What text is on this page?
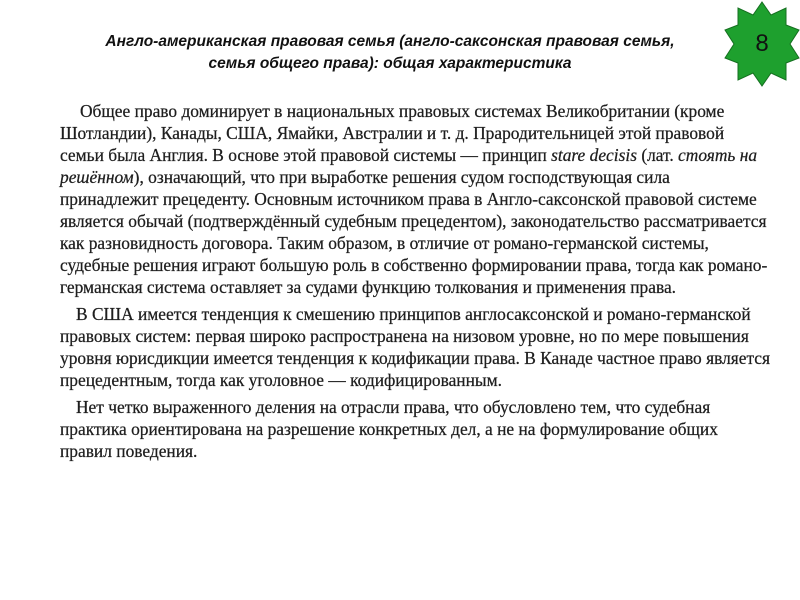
Англо-американская правовая семья (англо-саксонская правовая семья,
семья общего права): общая характеристика
8

Общее право доминирует в национальных правовых системах Великобритании (кроме Шотландии), Канады, США, Ямайки, Австралии и т. д. Прародительницей этой правовой семьи была Англия. В основе этой правовой системы — принцип stare decisis (лат. стоять на решённом), означающий, что при выработке решения судом господствующая сила принадлежит прецеденту. Основным источником права в Англо-саксонской правовой системе является обычай (подтверждённый судебным прецедентом), законодательство рассматривается как разновидность договора. Таким образом, в отличие от романо-германской системы, судебные решения играют большую роль в собственно формировании права, тогда как романо-германская система оставляет за судами функцию толкования и применения права.

В США имеется тенденция к смешению принципов англосаксонской и романо-германской правовых систем: первая широко распространена на низовом уровне, но по мере повышения уровня юрисдикции имеется тенденция к кодификации права. В Канаде частное право является прецедентным, тогда как уголовное — кодифицированным.

Нет четко выраженного деления на отрасли права, что обусловлено тем, что судебная практика ориентирована на разрешение конкретных дел, а не на формулирование общих правил поведения.
